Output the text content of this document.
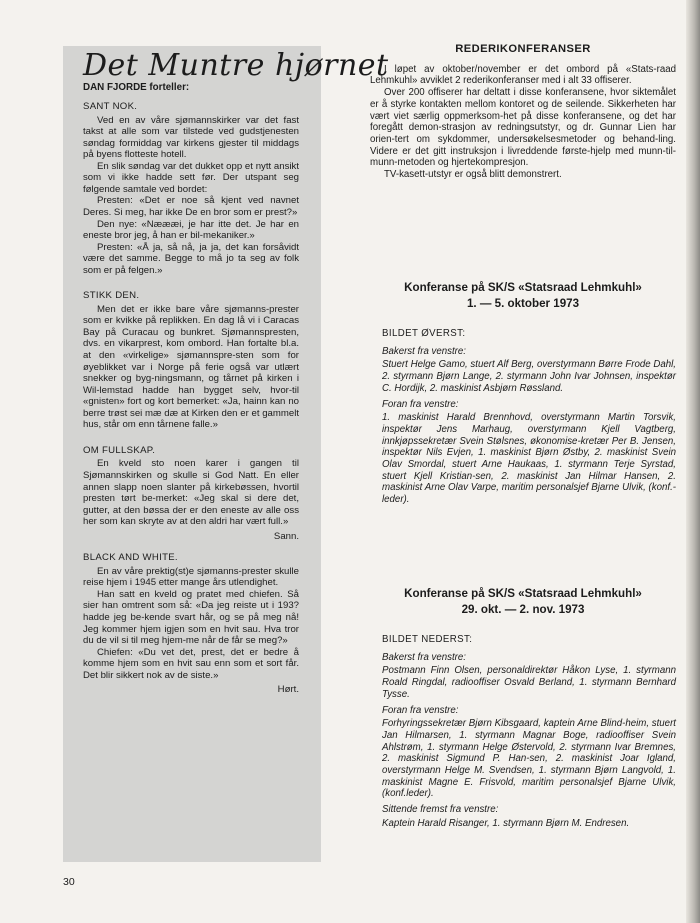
Det Muntre hjørnet
DAN FJORDE forteller:
SANT NOK.

Ved en av våre sjømannskirker var det fast takst at alle som var tilstede ved gudstjenesten søndag formiddag var kirkens gjester til middags på byens flotteste hotell.

En slik søndag var det dukket opp et nytt ansikt som vi ikke hadde sett før. Der utspant seg følgende samtale ved bordet:

Presten: «Det er noe så kjent ved navnet Deres. Si meg, har ikke De en bror som er prest?»

Den nye: «Næææi, je har itte det. Je har en eneste bror jeg, å han er bil-mekaniker.»

Presten: «Å ja, så nå, ja ja, det kan forsåvidt være det samme. Begge to må jo ta seg av folk som er på felgen.»

STIKK DEN.

Men det er ikke bare våre sjømanns-prester som er kvikke på replikken. En dag lå vi i Caracas Bay på Curacau og bunkret. Sjømannspresten, dvs. en vikarprest, kom ombord. Han fortalte bl.a. at den «virkelige» sjømannspre-sten som for øyeblikket var i Norge på ferie også var utlært snekker og byg-ningsmann, og tårnet på kirken i Wil-lemstad hadde han bygget selv, hvor-til «gnisten» fort og kort bemerket: «Ja, hainn kan no berre trøst sei mæ dæ at Kirken den er et gammelt hus, står om enn tårnene falle.»

OM FULLSKAP.

En kveld sto noen karer i gangen til Sjømannskirken og skulle si God Natt. En eller annen slapp noen slanter på kirkebøssen, hvortil presten tørt be-merket: «Jeg skal si dere det, gutter, at den bøssa der er den eneste av alle oss her som kan skryte av at den aldri har vært full.»

Sann.

BLACK AND WHITE.

En av våre prektig(st)e sjømanns-prester skulle reise hjem i 1945 etter mange års utlendighet.

Han satt en kveld og pratet med chiefen. Så sier han omtrent som så: «Da jeg reiste ut i 193? hadde jeg be-kende svart hår, og se på meg nå! Jeg kommer hjem igjen som en hvit sau. Hva tror du de vil si til meg hjem-me når de får se meg?»

Chiefen: «Du vet det, prest, det er bedre å komme hjem som en hvit sau enn som et sort får. Det blir sikkert nok av de siste.»

Hørt.

REDERIKONFERANSER

I løpet av oktober/november er det ombord på «Stats-raad Lehmkuhl» avviklet 2 rederikonferanser med i alt 33 offiserer.

Over 200 offiserer har deltatt i disse konferansene, hvor siktemålet er å styrke kontakten mellom kontoret og de seilende. Sikkerheten har vært viet særlig oppmerksom-het på disse konferansene, og det har foregått demon-strasjon av redningsutstyr, og dr. Gunnar Lien har orien-tert om sykdommer, undersøkelsesmetoder og behand-ling. Videre er det gitt instruksjon i livreddende første-hjelp med munn-til-munn-metoden og hjertekompresjon.

TV-kasett-utstyr er også blitt demonstrert.

Konferanse på SK/S «Statsraad Lehmkuhl»
1. — 5. oktober 1973
BILDET ØVERST:
Bakerst fra venstre:
Stuert Helge Gamo, stuert Alf Berg, overstyrmann Børre Frode Dahl, 2. styrmann Bjørn Lange, 2. styrmann John Ivar Johnsen, inspektør C. Hordijk, 2. maskinist Asbjørn Røssland.
Foran fra venstre:
1. maskinist Harald Brennhovd, overstyrmann Martin Torsvik, inspektør Jens Marhaug, overstyrmann Kjell Vagtberg, innkjøpssekretær Svein Stølsnes, økonomise-kretær Per B. Jensen, inspektør Nils Evjen, 1. maskinist Bjørn Østby, 2. maskinist Svein Olav Smordal, stuert Arne Haukaas, 1. styrmann Terje Syrstad, stuert Kjell Kristian-sen, 2. maskinist Jan Hilmar Hansen, 2. maskinist Arne Olav Varpe, maritim personalsjef Bjarne Ulvik, (konf.-leder).
Konferanse på SK/S «Statsraad Lehmkuhl»
29. okt. — 2. nov. 1973
BILDET NEDERST:
Bakerst fra venstre:
Postmann Finn Olsen, personaldirektør Håkon Lyse, 1. styrmann Roald Ringdal, radiooffiser Osvald Berland, 1. styrmann Bernhard Tysse.
Foran fra venstre:
Forhyringssekretær Bjørn Kibsgaard, kaptein Arne Blind-heim, stuert Jan Hilmarsen, 1. styrmann Magnar Boge, radiooffiser Svein Ahlstrøm, 1. styrmann Helge Østervold, 2. styrmann Ivar Bremnes, 2. maskinist Sigmund P. Han-sen, 2. maskinist Joar Igland, overstyrmann Helge M. Svendsen, 1. styrmann Bjørn Langvold, 1. maskinist Magne E. Frisvold, maritim personalsjef Bjarne Ulvik, (konf.leder).
Sittende fremst fra venstre:
Kaptein Harald Risanger, 1. styrmann Bjørn M. Endresen.
30
